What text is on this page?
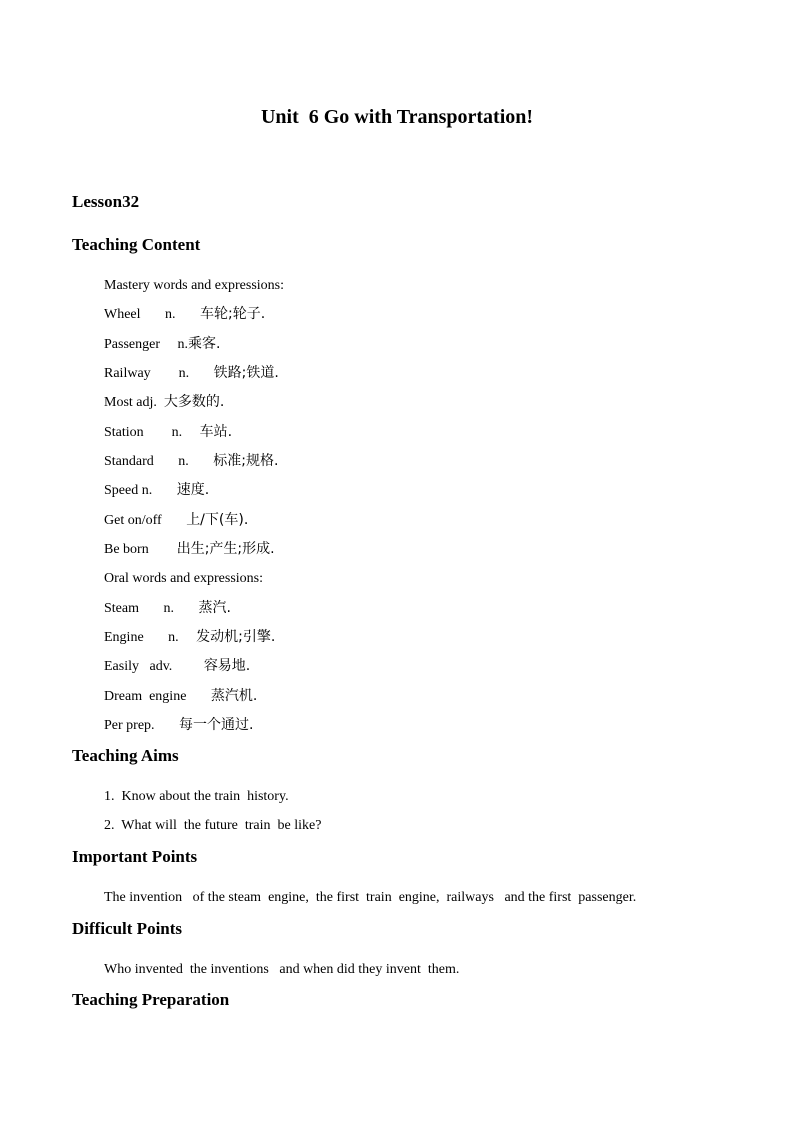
Unit  6 Go with Transportation!
Lesson32
Teaching Content
Mastery words and expressions:
Wheel       n.       车轮;轮子.
Passenger     n.乘客.
Railway        n.       铁路;铁道.
Most adj.  大多数的.
Station        n.     车站.
Standard       n.       标准;规格.
Speed n.       速度.
Get on/off       上/下(车).
Be born        出生;产生;形成.
Oral words and expressions:
Steam       n.       蒸汽.
Engine       n.     发动机;引擎.
Easily   adv.         容易地.
Dream  engine       蒸汽机.
Per prep.       每一个通过.
Teaching Aims
1.  Know about the train  history.
2.  What will  the future  train  be like?
Important Points
The invention   of the steam  engine,  the first  train  engine,  railways   and the first  passenger.
Difficult Points
Who invented  the inventions   and when did they invent  them.
Teaching Preparation
